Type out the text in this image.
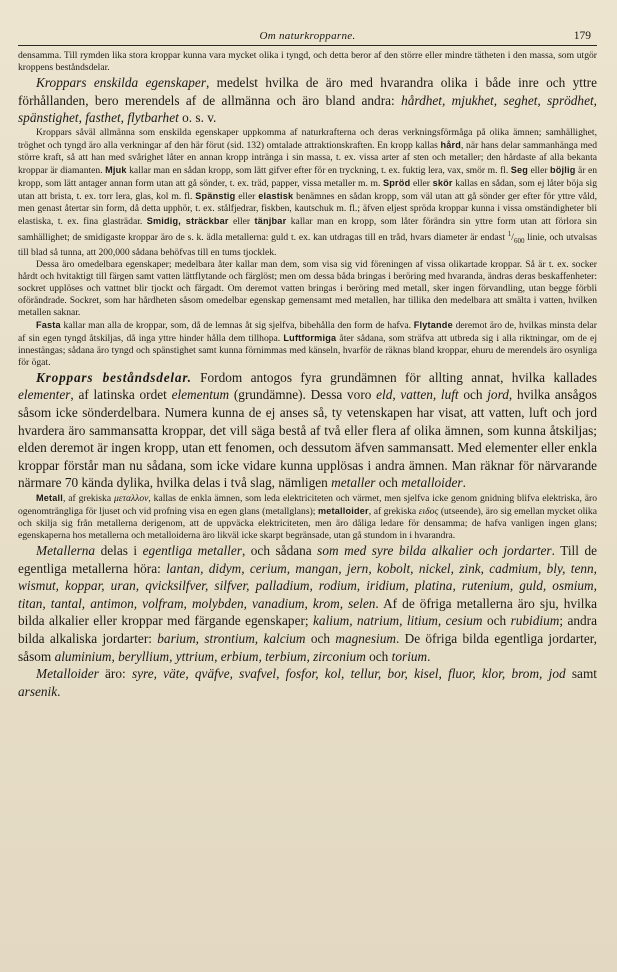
Om naturkropparne.	179

densamma. Till rymden lika stora kroppar kunna vara mycket olika i tyngd, och detta beror af den större eller mindre tätheten i den massa, som utgör kroppens beståndsdelar.

Kroppars enskilda egenskaper, medelst hvilka de äro med hvarandra olika i både inre och yttre förhållanden, bero merendels af de allmänna och äro bland andra: hårdhet, mjukhet, seghet, sprödhet, spänstighet, fasthet, flytbarhet o. s. v.

Kroppars såväl allmänna som enskilda egenskaper uppkomma af naturkrafterna och deras verkningsförmåga på olika ämnen; samhällighet, tröghet och tyngd äro alla verkningar af den här förut (sid. 132) omtalade attraktionskraften. En kropp kallas hård, när hans delar sammanhänga med större kraft, så att han med svårighet låter en annan kropp intränga i sin massa, t. ex. vissa arter af sten och metaller; den hårdaste af alla bekanta kroppar är diamanten. Mjuk kallar man en sådan kropp, som lätt gifver efter för en tryckning, t. ex. fuktig lera, vax, smör m. fl. Seg eller böjlig är en kropp, som lätt antager annan form utan att gå sönder, t. ex. träd, papper, vissa metaller m. m. Spröd eller skör kallas en sådan, som ej låter böja sig utan att brista, t. ex. torr lera, glas, kol m. fl. Spänstig eller elastisk benämnes en sådan kropp, som väl utan att gå sönder ger efter för yttre våld, men genast återtar sin form, då detta upphör, t. ex. stålfjedrar, fiskben, kautschuk m. fl.; äfven eljest spröda kroppar kunna i vissa omständigheter bli elastiska, t. ex. fina glasträdar. Smidig, sträckbar eller tänjbar kallar man en kropp, som låter förändra sin yttre form utan att förlora sin samhällighet; de smidigaste kroppar äro de s. k. ädla metallerna: guld t. ex. kan utdragas till en tråd, hvars diameter är endast $^1/_{600}$ linie, och utvalsas till blad så tunna, att 200,000 sådana behöfvas till en tums tjocklek.

Dessa äro omedelbara egenskaper; medelbara åter kallar man dem, som visa sig vid föreningen af vissa olikartade kroppar. Så är t. ex. socker hårdt och hvitaktigt till färgen samt vatten lättflytande och färglöst; men om dessa båda bringas i beröring med hvaranda, ändras deras beskaffenheter: sockret upplöses och vattnet blir tjockt och färgadt. Om deremot vatten bringas i beröring med metall, sker ingen förvandling, utan begge förbli oförändrade. Sockret, som har hårdheten såsom omedelbar egenskap gemensamt med metallen, har tillika den medelbara att smälta i vatten, hvilken metallen saknar.

Fasta kallar man alla de kroppar, som, då de lemnas åt sig sjelfva, bibehålla den form de hafva. Flytande deremot äro de, hvilkas minsta delar af sin egen tyngd åtskiljas, då inga yttre hinder hålla dem tillhopa. Luftformiga åter sådana, som sträfva att utbreda sig i alla riktningar, om de ej innestängas; sådana äro tyngd och spänstighet samt kunna förnimmas med känseln, hvarför de räknas bland kroppar, ehuru de merendels äro osynliga för ögat.

Kroppars beståndsdelar. Fordom antogos fyra grundämnen för allting annat, hvilka kallades elementer, af latinska ordet elementum (grundämne). Dessa voro eld, vatten, luft och jord, hvilka ansågos såsom icke sönderdelbara. Numera kunna de ej anses så, ty vetenskapen har visat, att vatten, luft och jord hvardera äro sammansatta kroppar, det vill säga bestå af två eller flera af olika ämnen, som kunna åtskiljas; elden deremot är ingen kropp, utan ett fenomen, och dessutom äfven sammansatt. Med elementer eller enkla kroppar förstår man nu sådana, som icke vidare kunna upplösas i andra ämnen. Man räknar för närvarande närmare 70 kända dylika, hvilka delas i två slag, nämligen metaller och metalloider.

Metall, af grekiska μεταλλον, kallas de enkla ämnen, som leda elektriciteten och värmet, men sjelfva icke genom gnidning blifva elektriska, äro ogenomträngliga för ljuset och vid profning visa en egen glans (metallglans); metalloider, af grekiska ειδος (utseende), äro sig emellan mycket olika och skilja sig från metallerna derigenom, att de uppväcka elektriciteten, men äro dåliga ledare för densamma; de hafva vanligen ingen glans; egenskaperna hos metallerna och metalloiderna äro likväl icke skarpt begränsade, utan gå stundom in i hvarandra.

Metallerna delas i egentliga metaller, och sådana som med syre bilda alkalier och jordarter. Till de egentliga metallerna höra: lantan, didym, cerium, mangan, jern, kobolt, nickel, zink, cadmium, bly, tenn, wismut, koppar, uran, qvicksilfver, silfver, palladium, rodium, iridium, platina, rutenium, guld, osmium, titan, tantal, antimon, volfram, molybden, vanadium, krom, selen. Af de öfriga metallerna äro sju, hvilka bilda alkalier eller kroppar med färgande egenskaper; kalium, natrium, litium, cesium och rubidium; andra bilda alkaliska jordarter: barium, strontium, kalcium och magnesium. De öfriga bilda egentliga jordarter, såsom aluminium, beryllium, yttrium, erbium, terbium, zirconium och torium.

Metalloider äro: syre, väte, qväfve, svafvel, fosfor, kol, tellur, bor, kisel, fluor, klor, brom, jod samt arsenik.
